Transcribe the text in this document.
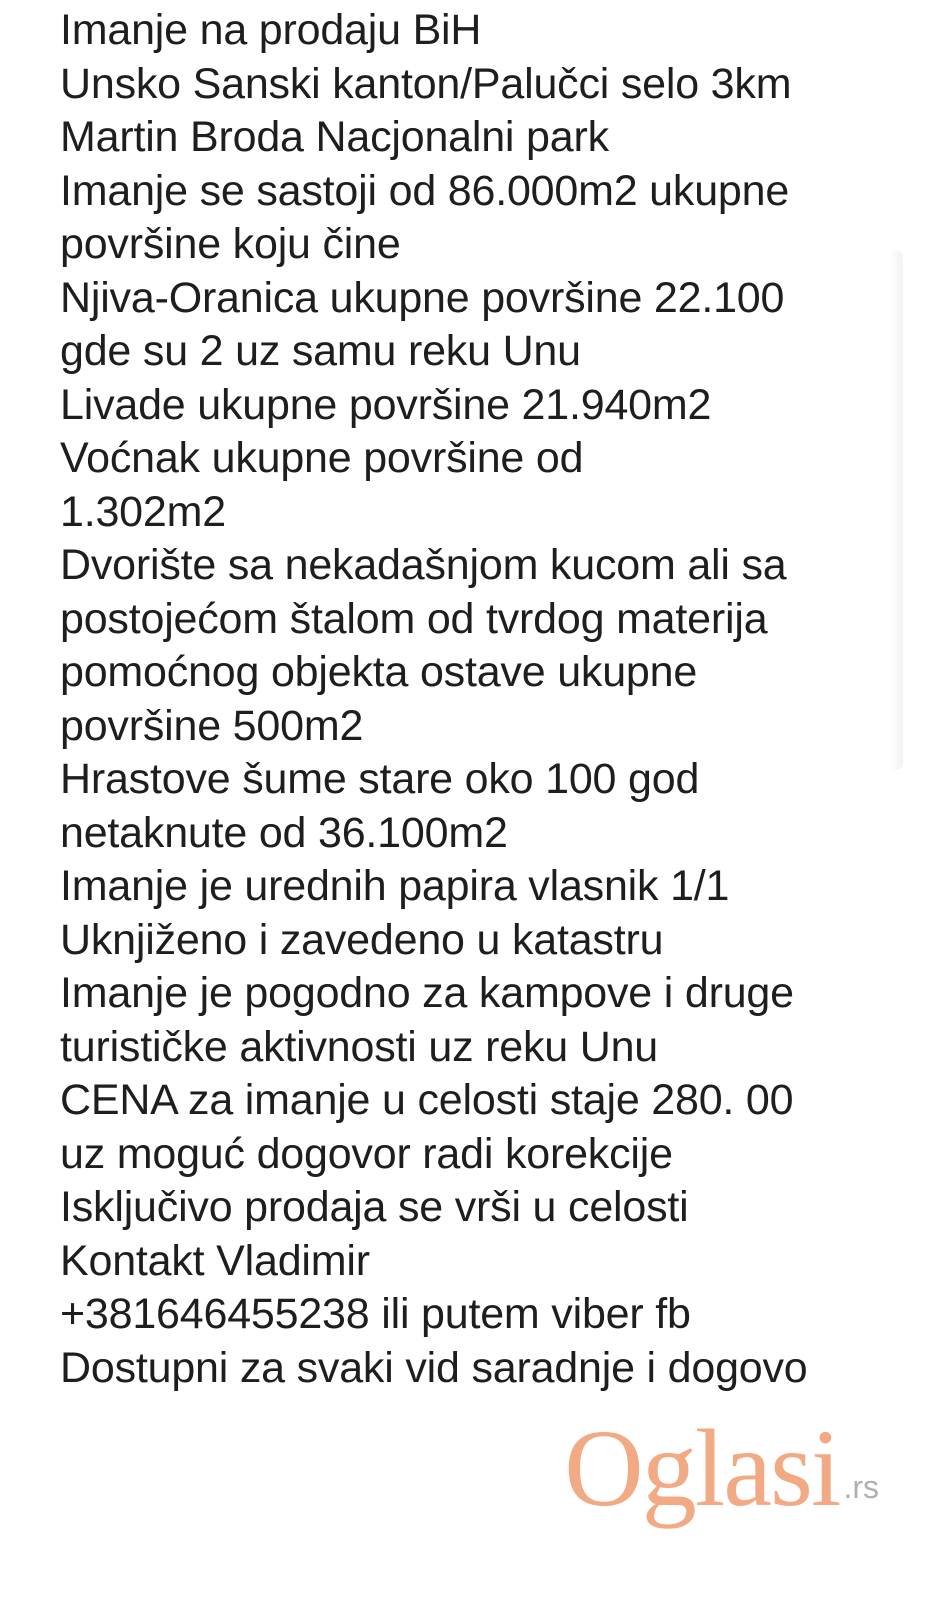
Imanje na prodaju BiH
Unsko Sanski kanton/Palučci selo 3km
Martin Broda Nacjonalni park
Imanje se sastoji od 86.000m2 ukupne
površine koju čine
Njiva-Oranica ukupne površine 22.100
gde su 2 uz samu reku Unu
Livade ukupne površine 21.940m2
Voćnak ukupne površine od
1.302m2
Dvorište sa nekadašnjom kucom ali sa
postojećom štalom od tvrdog materija
pomoćnog objekta ostave ukupne
površine 500m2
Hrastove šume stare oko 100 god
netaknute od 36.100m2
Imanje je urednih papira vlasnik 1/1
Uknjiženo i zavedeno u katastru
Imanje je pogodno za kampove i druge
turističke aktivnosti uz reku Unu
CENA za imanje u celosti staje 280. 00
uz moguć dogovor radi korekcije
Isključivo prodaja se vrši u celosti
Kontakt Vladimir
+381646455238 ili putem viber fb
Dostupni za svaki vid saradnje i dogovo
Oglasi .rs
